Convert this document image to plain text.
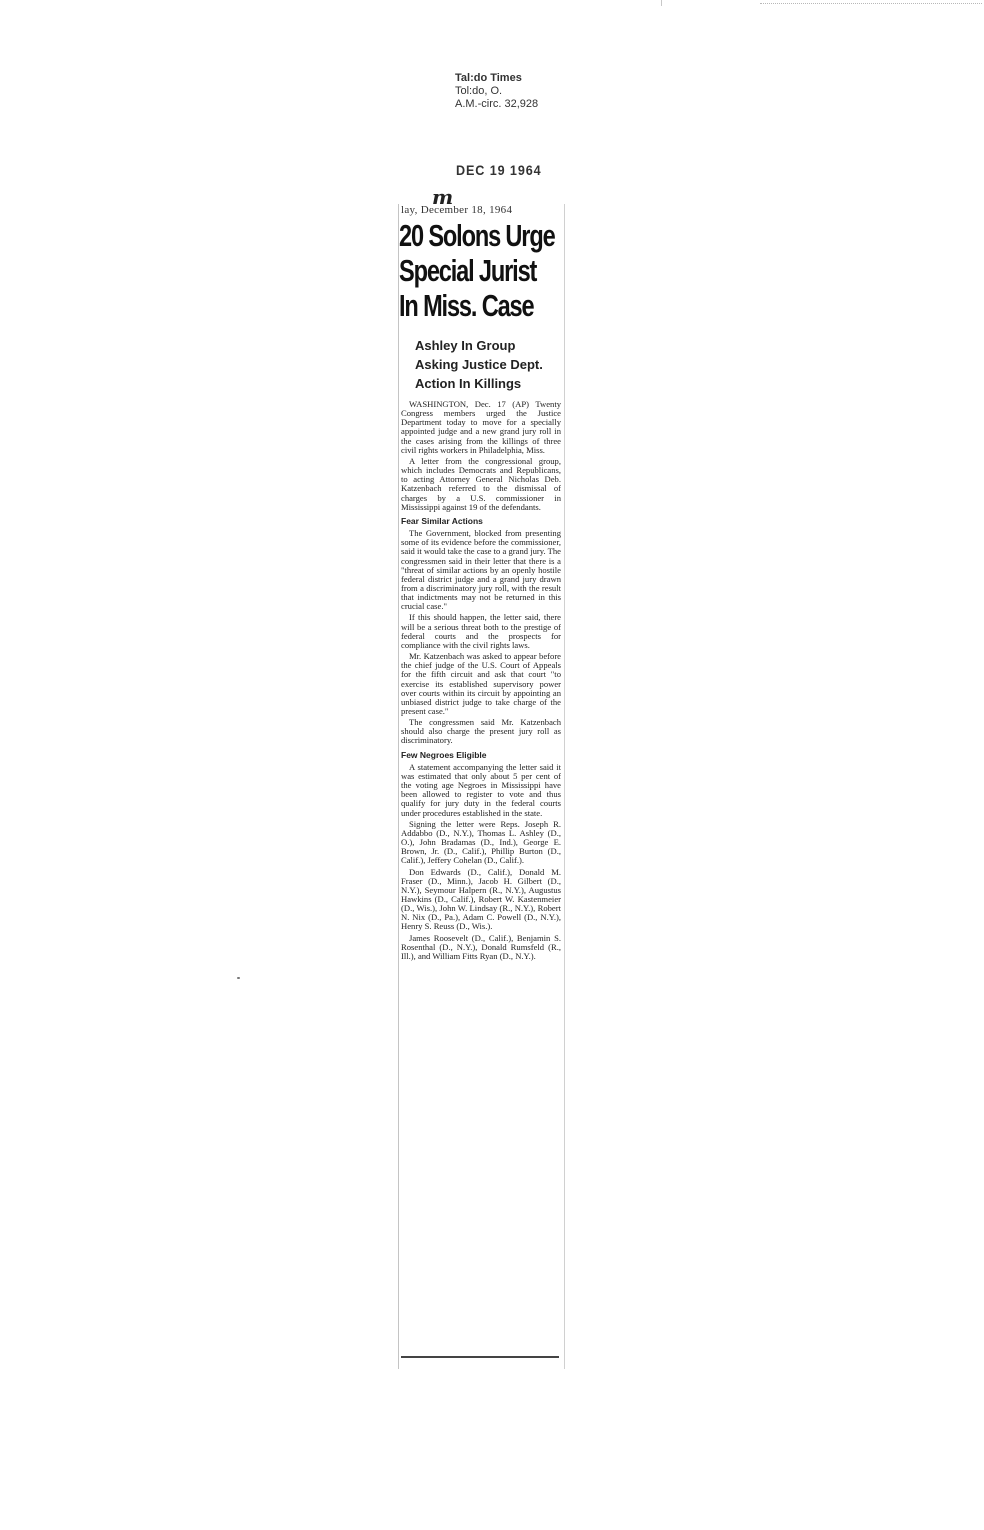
Tal:do Times
Tol:do, O.
A.M.-circ. 32,928
DEC 19 1964
m
lay, December 18, 1964
20 Solons Urge
Special Jurist
In Miss. Case
Ashley In Group
Asking Justice Dept.
Action In Killings

WASHINGTON, Dec. 17 (AP) Twenty Congress members urged the Justice Department today to move for a specially appointed judge and a new grand jury roll in the cases arising from the killings of three civil rights workers in Philadelphia, Miss.

A letter from the congressional group, which includes Democrats and Republicans, to acting Attorney General Nicholas Deb. Katzenbach referred to the dismissal of charges by a U.S. commissioner in Mississippi against 19 of the defendants.

Fear Similar Actions

The Government, blocked from presenting some of its evidence before the commissioner, said it would take the case to a grand jury. The congressmen said in their letter that there is a "threat of similar actions by an openly hostile federal district judge and a grand jury drawn from a discriminatory jury roll, with the result that indictments may not be returned in this crucial case."

If this should happen, the letter said, there will be a serious threat both to the prestige of federal courts and the prospects for compliance with the civil rights laws.

Mr. Katzenbach was asked to appear before the chief judge of the U.S. Court of Appeals for the fifth circuit and ask that court "to exercise its established supervisory power over courts within its circuit by appointing an unbiased district judge to take charge of the present case."

The congressmen said Mr. Katzenbach should also charge the present jury roll as discriminatory.

Few Negroes Eligible

A statement accompanying the letter said it was estimated that only about 5 per cent of the voting age Negroes in Mississippi have been allowed to register to vote and thus qualify for jury duty in the federal courts under procedures established in the state.

Signing the letter were Reps. Joseph R. Addabbo (D., N.Y.), Thomas L. Ashley (D., O.), John Bradamas (D., Ind.), George E. Brown, Jr. (D., Calif.), Phillip Burton (D., Calif.), Jeffery Cohelan (D., Calif.).

Don Edwards (D., Calif.), Donald M. Fraser (D., Minn.), Jacob H. Gilbert (D., N.Y.), Seymour Halpern (R., N.Y.), Augustus Hawkins (D., Calif.), Robert W. Kastenmeier (D., Wis.), John W. Lindsay (R., N.Y.), Robert N. Nix (D., Pa.), Adam C. Powell (D., N.Y.), Henry S. Reuss (D., Wis.).

James Roosevelt (D., Calif.), Benjamin S. Rosenthal (D., N.Y.), Donald Rumsfeld (R., Ill.), and William Fitts Ryan (D., N.Y.).
